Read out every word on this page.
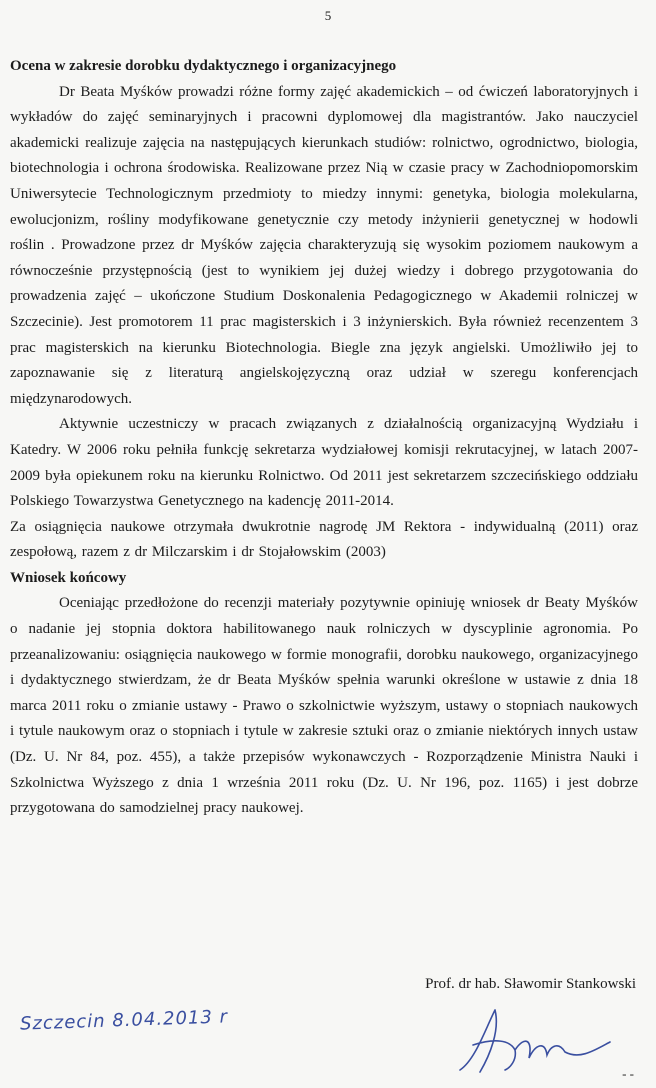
5

Ocena w zakresie dorobku dydaktycznego i organizacyjnego

Dr Beata Myśków prowadzi różne formy zajęć akademickich – od ćwiczeń laboratoryjnych i wykładów do zajęć seminaryjnych i pracowni dyplomowej dla magistrantów. Jako nauczyciel akademicki realizuje zajęcia na następujących kierunkach studiów: rolnictwo, ogrodnictwo, biologia, biotechnologia i ochrona środowiska. Realizowane przez Nią w czasie pracy w Zachodniopomorskim Uniwersytecie Technologicznym przedmioty to miedzy innymi: genetyka, biologia molekularna, ewolucjonizm, rośliny modyfikowane genetycznie czy metody inżynierii genetycznej w hodowli roślin . Prowadzone przez dr Myśków zajęcia charakteryzują się wysokim poziomem naukowym a równocześnie przystępnością (jest to wynikiem jej dużej wiedzy i dobrego przygotowania do prowadzenia zajęć – ukończone Studium Doskonalenia Pedagogicznego w Akademii rolniczej w Szczecinie). Jest promotorem 11 prac magisterskich i 3 inżynierskich. Była również recenzentem 3 prac magisterskich na kierunku Biotechnologia. Biegle zna język angielski. Umożliwiło jej to zapoznawanie się z literaturą angielskojęzyczną oraz udział w szeregu konferencjach międzynarodowych.

Aktywnie uczestniczy w pracach związanych z działalnością organizacyjną Wydziału i Katedry. W 2006 roku pełniła funkcję sekretarza wydziałowej komisji rekrutacyjnej, w latach 2007-2009 była opiekunem roku na kierunku Rolnictwo. Od 2011 jest sekretarzem szczecińskiego oddziału Polskiego Towarzystwa Genetycznego na kadencję 2011-2014.

Za osiągnięcia naukowe otrzymała dwukrotnie nagrodę JM Rektora - indywidualną (2011) oraz zespołową, razem z dr Milczarskim i dr Stojałowskim (2003)

Wniosek końcowy

Oceniając przedłożone do recenzji materiały pozytywnie opiniuję wniosek dr Beaty Myśków o nadanie jej stopnia doktora habilitowanego nauk rolniczych w dyscyplinie agronomia. Po przeanalizowaniu: osiągnięcia naukowego w formie monografii, dorobku naukowego, organizacyjnego i dydaktycznego stwierdzam, że dr Beata Myśków spełnia warunki określone w ustawie z dnia 18 marca 2011 roku o zmianie ustawy - Prawo o szkolnictwie wyższym, ustawy o stopniach naukowych i tytule naukowym oraz o stopniach i tytule w zakresie sztuki oraz o zmianie niektórych innych ustaw (Dz. U. Nr 84, poz. 455), a także przepisów wykonawczych - Rozporządzenie Ministra Nauki i Szkolnictwa Wyższego z dnia 1 września 2011 roku (Dz. U. Nr 196, poz. 1165) i jest dobrze przygotowana do samodzielnej pracy naukowej.

Prof. dr hab. Sławomir Stankowski
Szczecin 8.04.2013 r
- -
